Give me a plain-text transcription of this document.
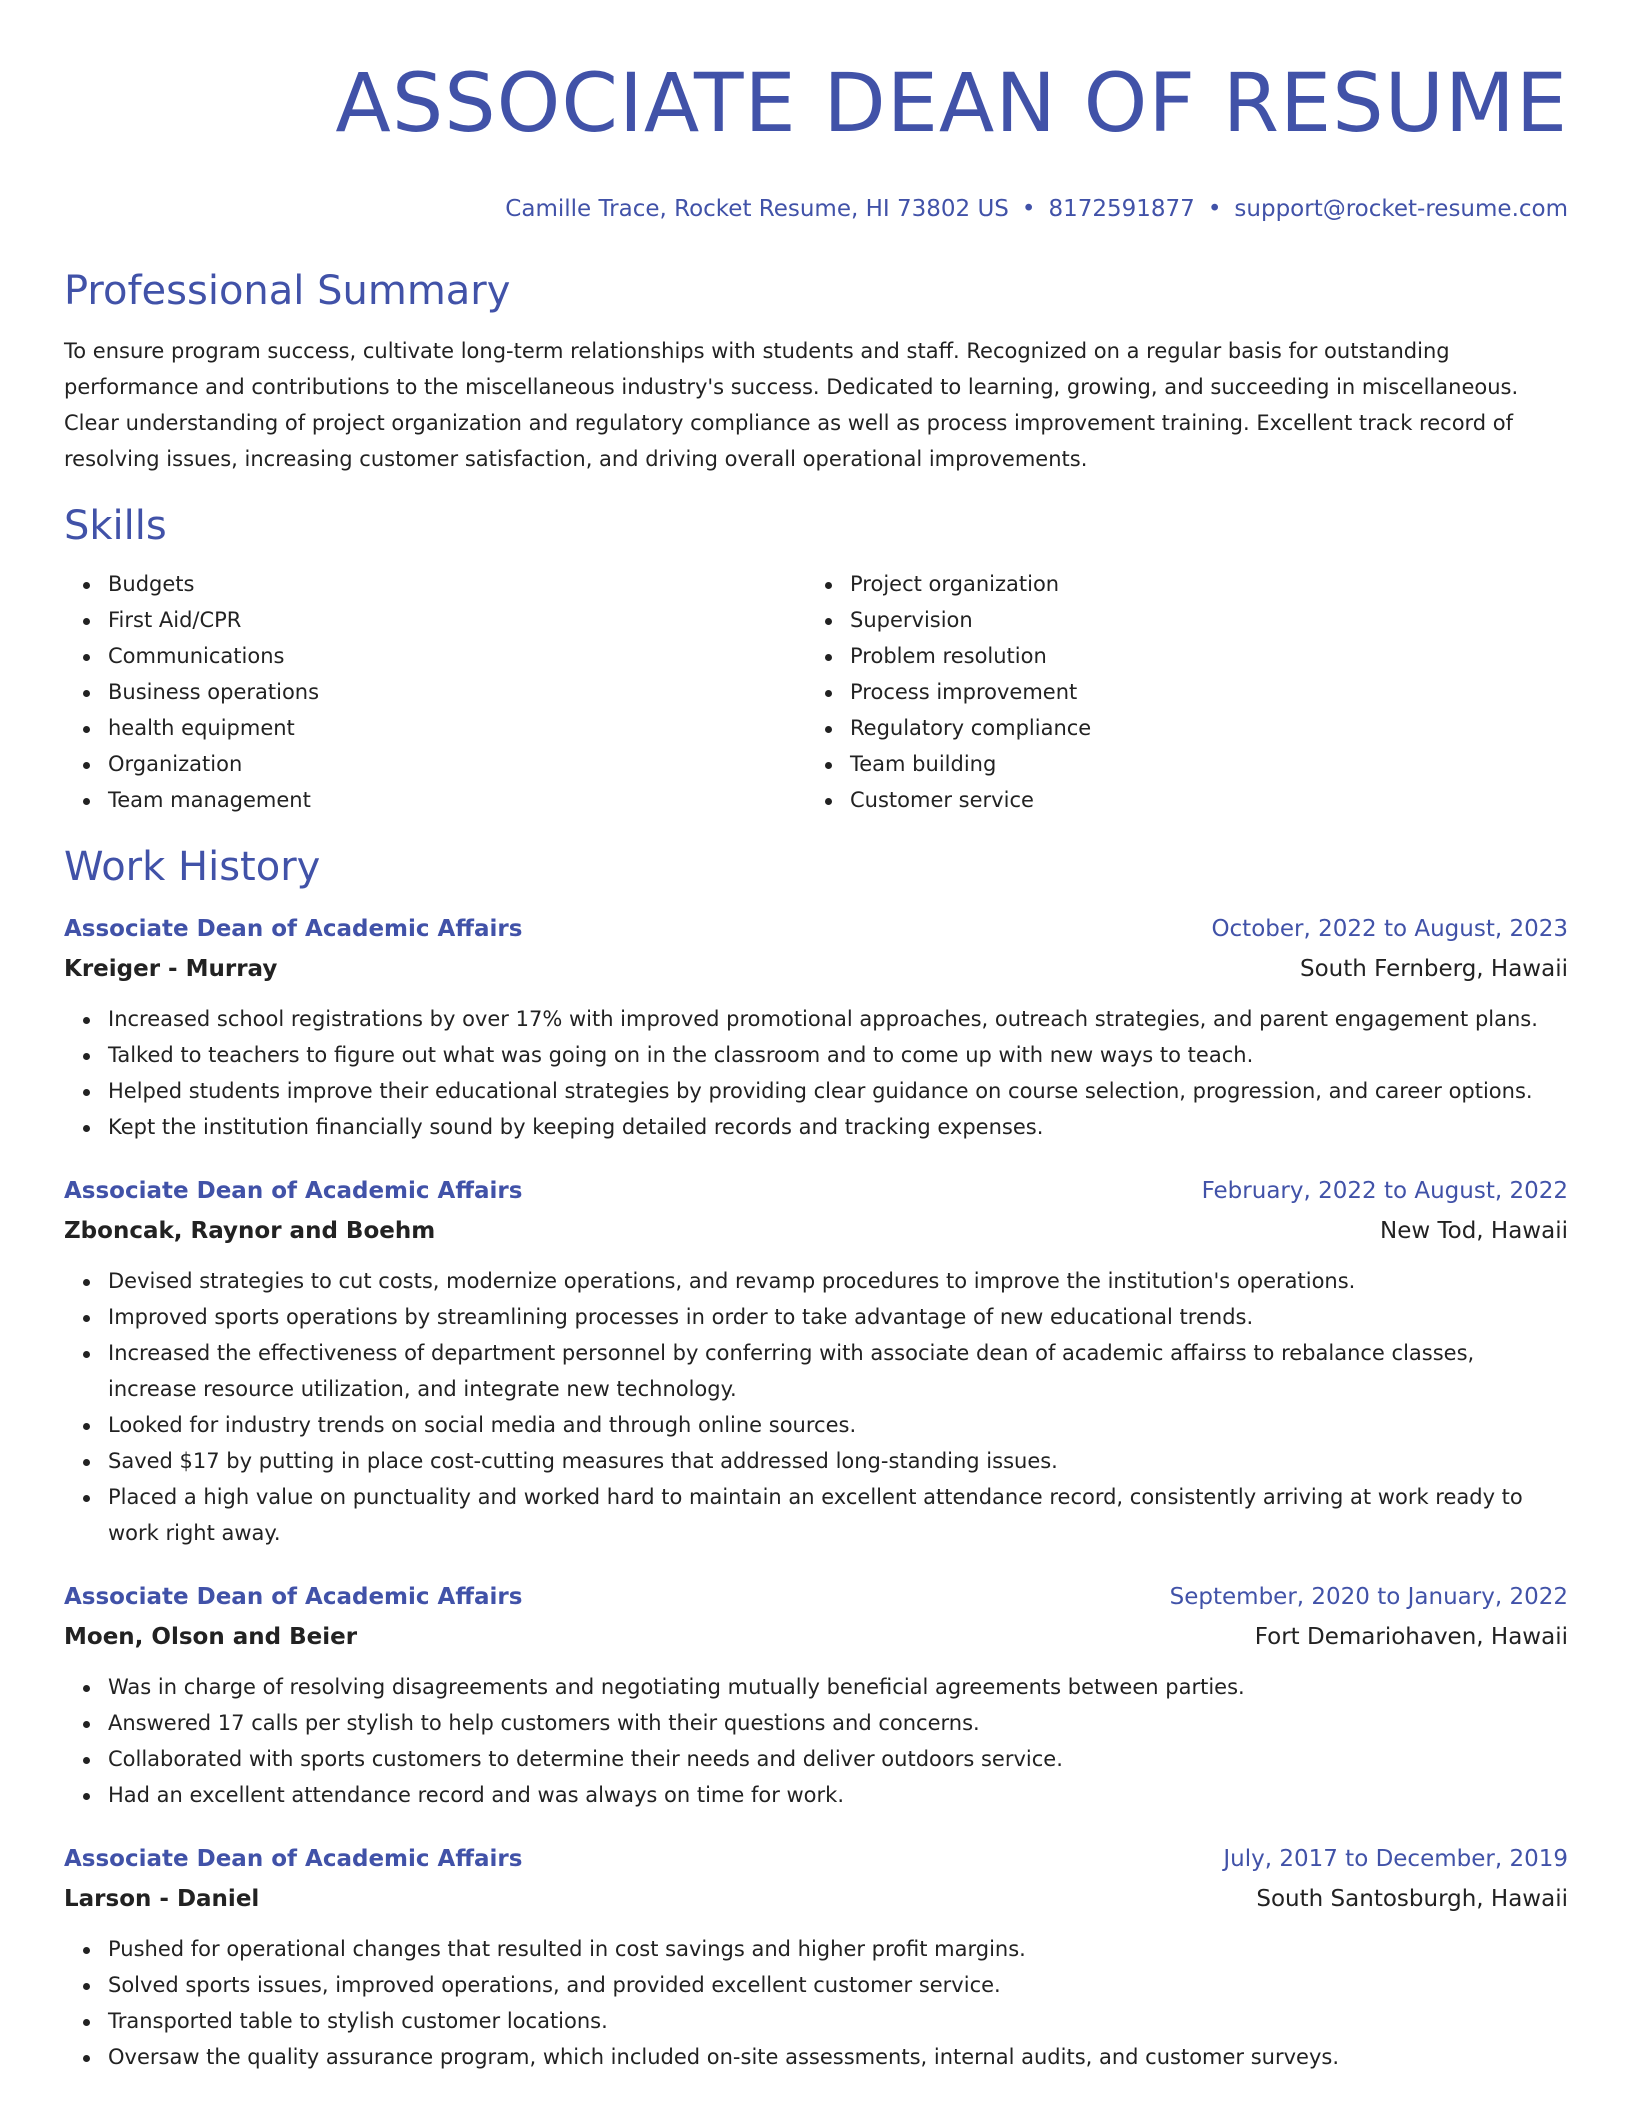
ASSOCIATE DEAN OF RESUME
Camille Trace, Rocket Resume, HI 73802 US • 8172591877 • support@rocket-resume.com
Professional Summary
To ensure program success, cultivate long-term relationships with students and staff. Recognized on a regular basis for outstanding performance and contributions to the miscellaneous industry's success. Dedicated to learning, growing, and succeeding in miscellaneous. Clear understanding of project organization and regulatory compliance as well as process improvement training. Excellent track record of resolving issues, increasing customer satisfaction, and driving overall operational improvements.
Skills
Budgets
First Aid/CPR
Communications
Business operations
health equipment
Organization
Team management
Project organization
Supervision
Problem resolution
Process improvement
Regulatory compliance
Team building
Customer service
Work History
Associate Dean of Academic Affairs	October, 2022 to August, 2023
Kreiger - Murray	South Fernberg, Hawaii
Increased school registrations by over 17% with improved promotional approaches, outreach strategies, and parent engagement plans.
Talked to teachers to figure out what was going on in the classroom and to come up with new ways to teach.
Helped students improve their educational strategies by providing clear guidance on course selection, progression, and career options.
Kept the institution financially sound by keeping detailed records and tracking expenses.
Associate Dean of Academic Affairs	February, 2022 to August, 2022
Zboncak, Raynor and Boehm	New Tod, Hawaii
Devised strategies to cut costs, modernize operations, and revamp procedures to improve the institution's operations.
Improved sports operations by streamlining processes in order to take advantage of new educational trends.
Increased the effectiveness of department personnel by conferring with associate dean of academic affairss to rebalance classes, increase resource utilization, and integrate new technology.
Looked for industry trends on social media and through online sources.
Saved $17 by putting in place cost-cutting measures that addressed long-standing issues.
Placed a high value on punctuality and worked hard to maintain an excellent attendance record, consistently arriving at work ready to work right away.
Associate Dean of Academic Affairs	September, 2020 to January, 2022
Moen, Olson and Beier	Fort Demariohaven, Hawaii
Was in charge of resolving disagreements and negotiating mutually beneficial agreements between parties.
Answered 17 calls per stylish to help customers with their questions and concerns.
Collaborated with sports customers to determine their needs and deliver outdoors service.
Had an excellent attendance record and was always on time for work.
Associate Dean of Academic Affairs	July, 2017 to December, 2019
Larson - Daniel	South Santosburgh, Hawaii
Pushed for operational changes that resulted in cost savings and higher profit margins.
Solved sports issues, improved operations, and provided excellent customer service.
Transported table to stylish customer locations.
Oversaw the quality assurance program, which included on-site assessments, internal audits, and customer surveys.
